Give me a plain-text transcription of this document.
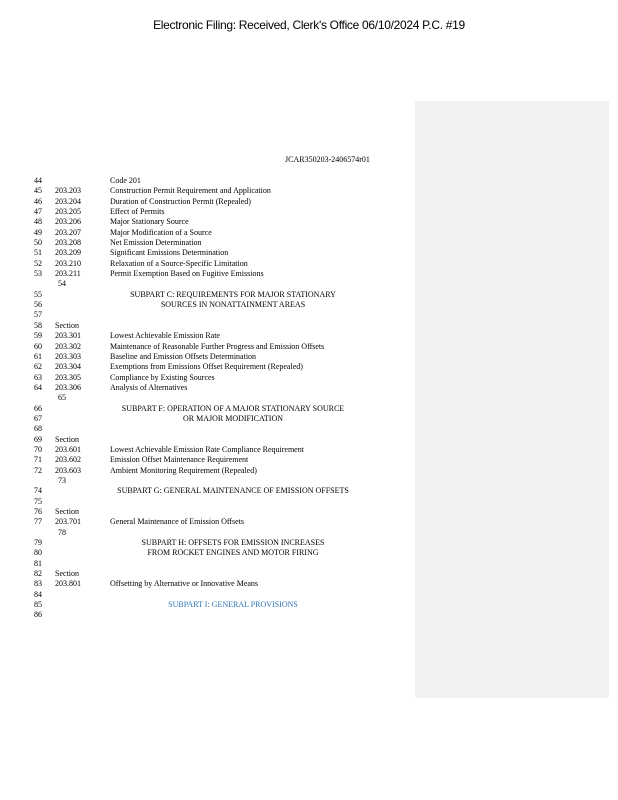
Electronic Filing: Received, Clerk's Office 06/10/2024 P.C. #19
JCAR350203-2406574r01
44	Code 201
45 203.203	Construction Permit Requirement and Application
46 203.204	Duration of Construction Permit (Repealed)
47 203.205	Effect of Permits
48 203.206	Major Stationary Source
49 203.207	Major Modification of a Source
50 203.208	Net Emission Determination
51 203.209	Significant Emissions Determination
52 203.210	Relaxation of a Source-Specific Limitation
53 203.211	Permit Exemption Based on Fugitive Emissions
54
55	SUBPART C: REQUIREMENTS FOR MAJOR STATIONARY
56	SOURCES IN NONATTAINMENT AREAS
57
58 Section
59 203.301	Lowest Achievable Emission Rate
60 203.302	Maintenance of Reasonable Further Progress and Emission Offsets
61 203.303	Baseline and Emission Offsets Determination
62 203.304	Exemptions from Emissions Offset Requirement (Repealed)
63 203.305	Compliance by Existing Sources
64 203.306	Analysis of Alternatives
65
66	SUBPART F: OPERATION OF A MAJOR STATIONARY SOURCE
67	OR MAJOR MODIFICATION
68
69 Section
70 203.601	Lowest Achievable Emission Rate Compliance Requirement
71 203.602	Emission Offset Maintenance Requirement
72 203.603	Ambient Monitoring Requirement (Repealed)
73
74	SUBPART G: GENERAL MAINTENANCE OF EMISSION OFFSETS
75
76 Section
77 203.701	General Maintenance of Emission Offsets
78
79	SUBPART H: OFFSETS FOR EMISSION INCREASES
80	FROM ROCKET ENGINES AND MOTOR FIRING
81
82 Section
83 203.801	Offsetting by Alternative or Innovative Means
84
85	SUBPART I: GENERAL PROVISIONS
86
